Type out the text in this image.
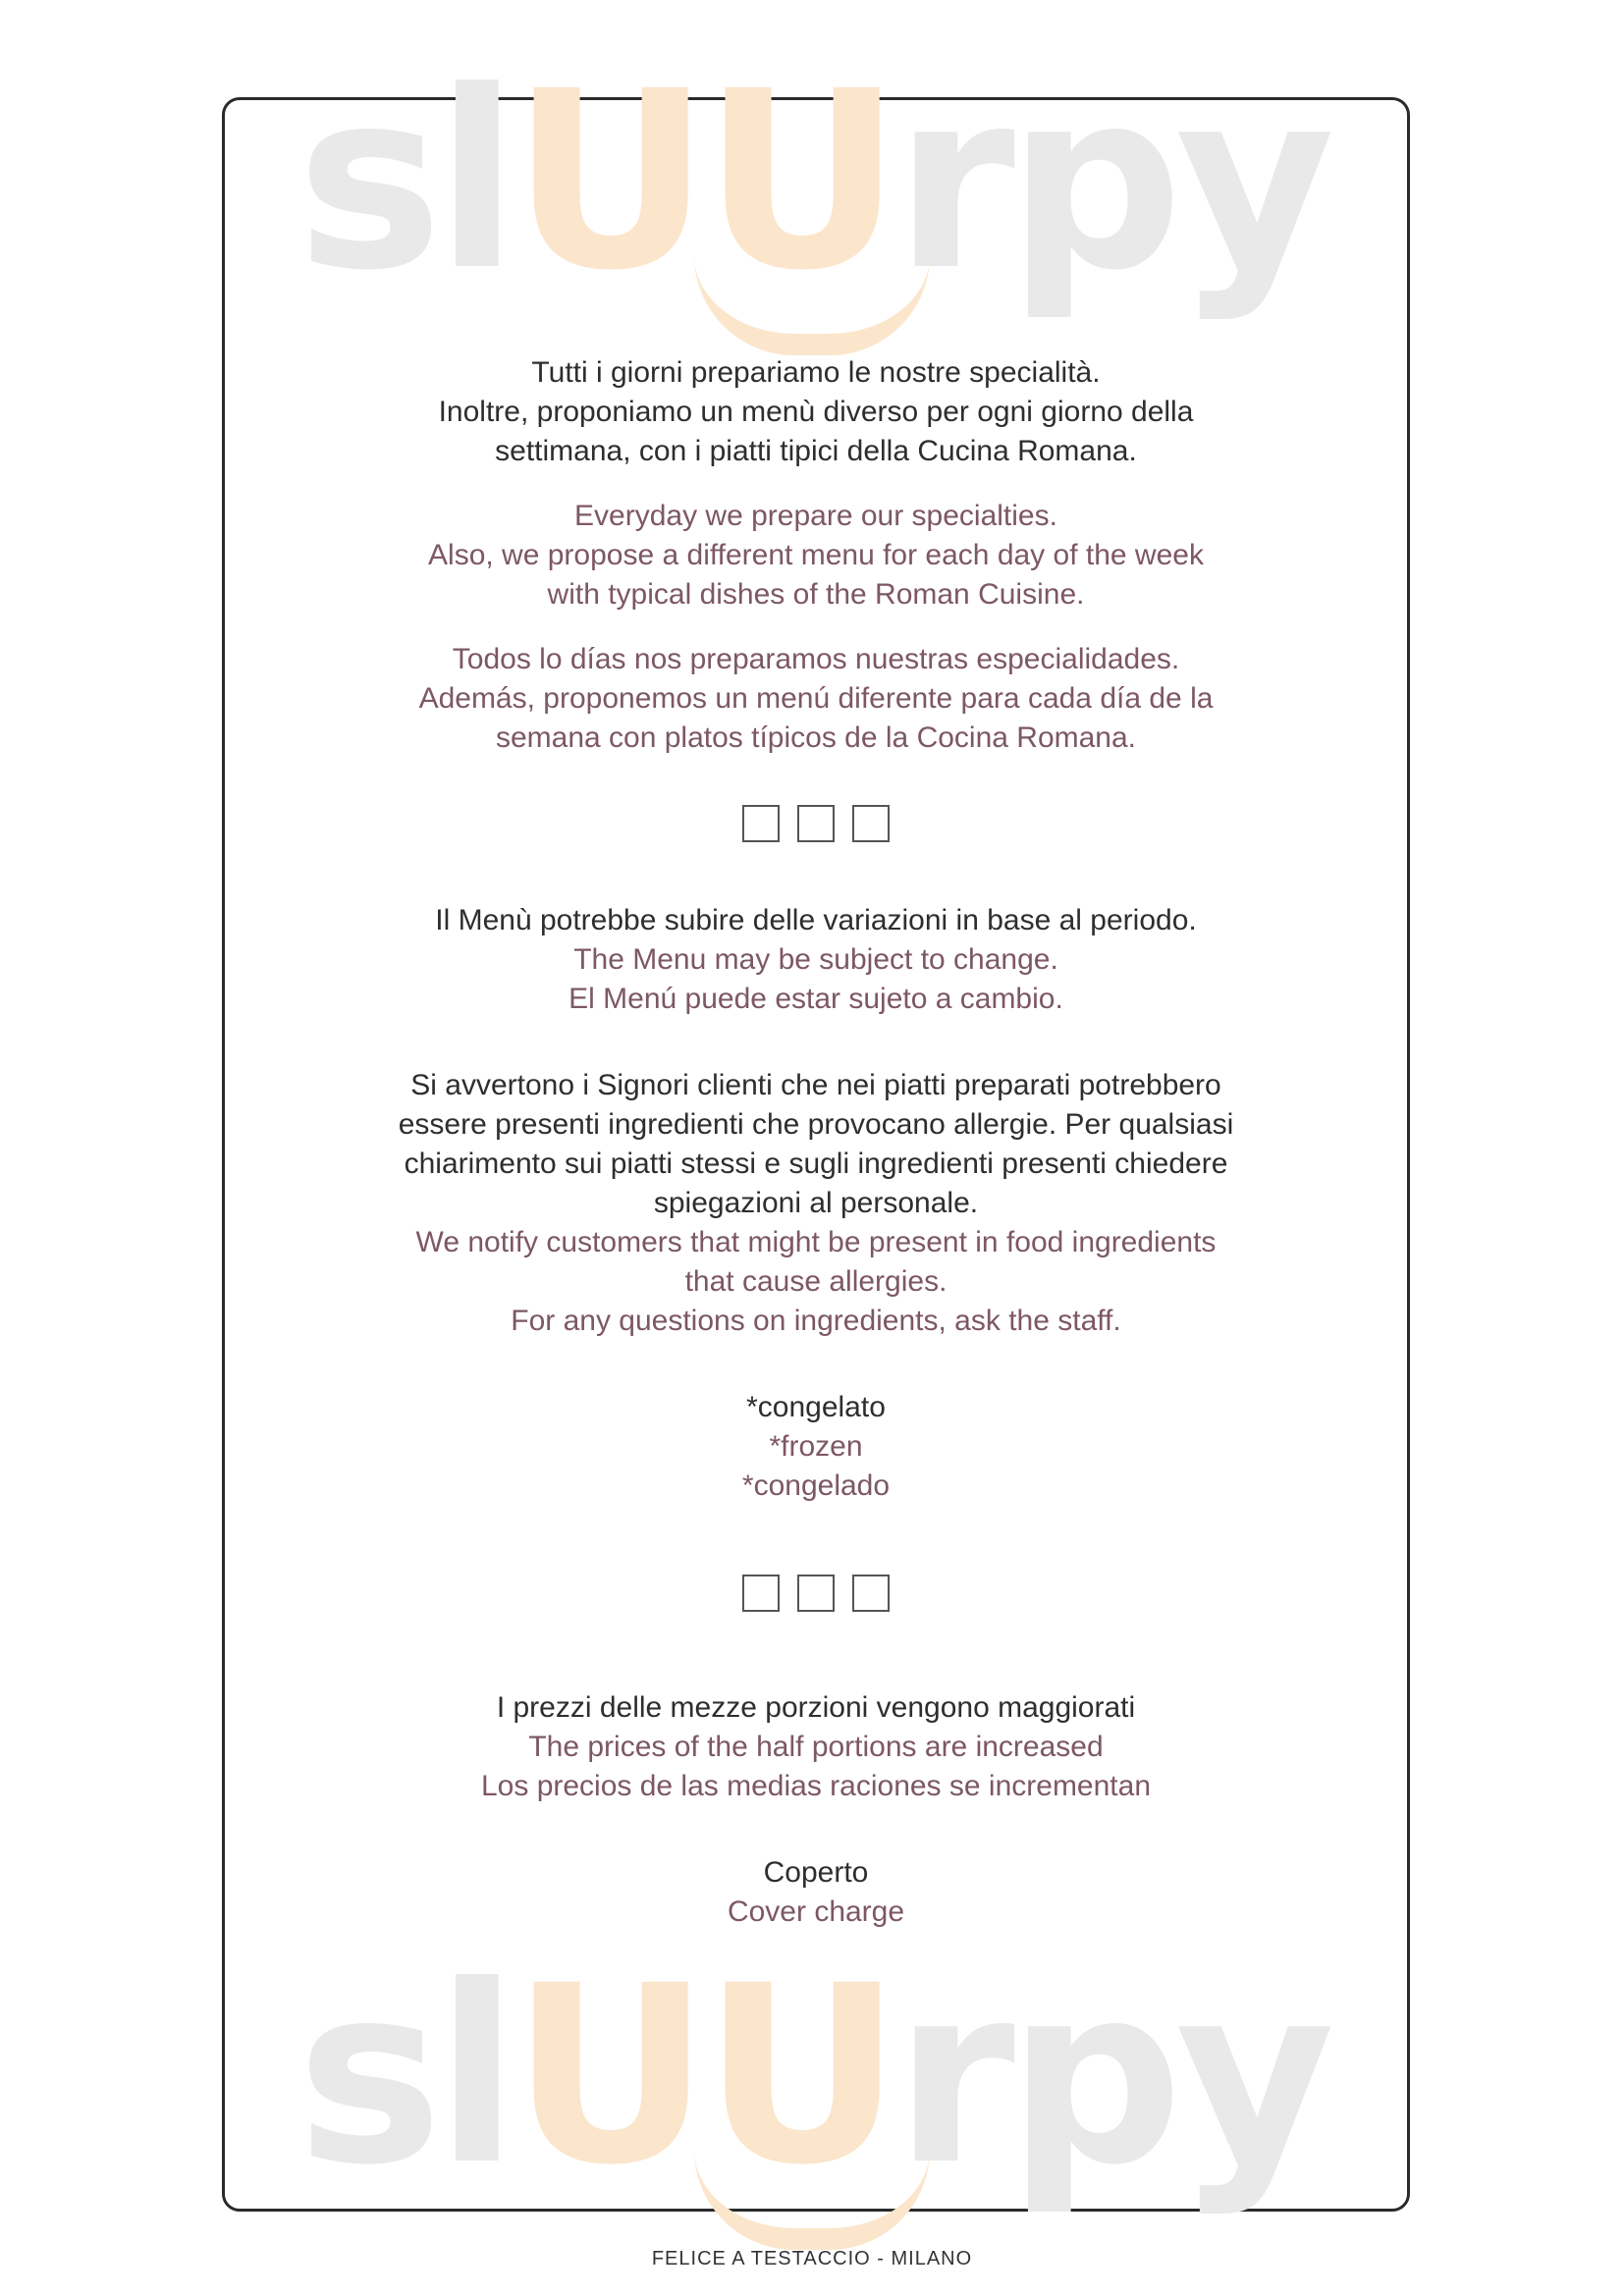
slUUrpy
slUUrpy
Tutti i giorni prepariamo le nostre specialità.
Inoltre, proponiamo un menù diverso per ogni giorno della
settimana, con i piatti tipici della Cucina Romana.
Everyday we prepare our specialties.
Also, we propose a different menu for each day of the week
with typical dishes of the Roman Cuisine.
Todos lo días nos preparamos nuestras especialidades.
Además, proponemos un menú diferente para cada día de la
semana con platos típicos de la Cocina Romana.
Il Menù potrebbe subire delle variazioni in base al periodo.
The Menu may be subject to change.
El Menú puede estar sujeto a cambio.
Si avvertono i Signori clienti che nei piatti preparati potrebbero
essere presenti ingredienti che provocano allergie. Per qualsiasi
chiarimento sui piatti stessi e sugli ingredienti presenti chiedere
spiegazioni al personale.
We notify customers that might be present in food ingredients
that cause allergies.
For any questions on ingredients, ask the staff.
*congelato
*frozen
*congelado
I prezzi delle mezze porzioni vengono maggiorati
The prices of the half portions are increased
Los precios de las medias raciones se incrementan
Coperto
Cover charge
FELICE A TESTACCIO - MILANO
